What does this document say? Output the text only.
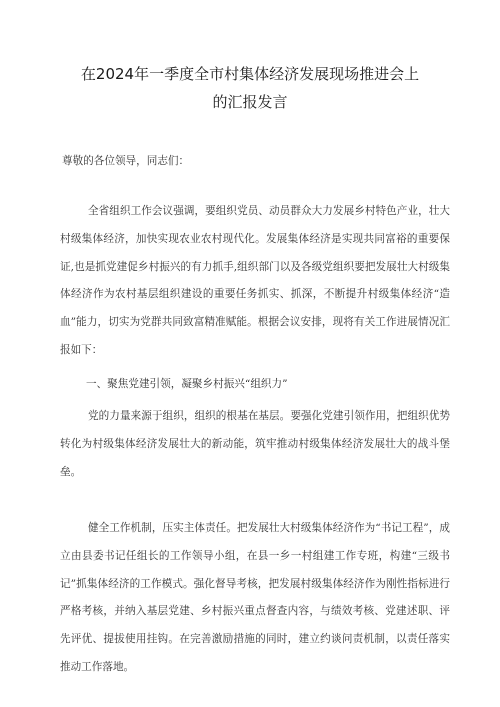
在2024年一季度全市村集体经济发展现场推进会上
的汇报发言
尊敬的各位领导，同志们：
全省组织工作会议强调，要组织党员、动员群众大力发展乡村特色产业，壮大村级集体经济，加快实现农业农村现代化。发展集体经济是实现共同富裕的重要保证,也是抓党建促乡村振兴的有力抓手,组织部门以及各级党组织要把发展壮大村级集体经济作为农村基层组织建设的重要任务抓实、抓深，不断提升村级集体经济“造血”能力，切实为党群共同致富精准赋能。根据会议安排，现将有关工作进展情况汇报如下：
一、聚焦党建引领，凝聚乡村振兴“组织力”
党的力量来源于组织，组织的根基在基层。要强化党建引领作用，把组织优势转化为村级集体经济发展壮大的新动能，筑牢推动村级集体经济发展壮大的战斗堡垒。
健全工作机制，压实主体责任。把发展壮大村级集体经济作为“书记工程”，成立由县委书记任组长的工作领导小组，在县一乡一村组建工作专班，构建“三级书记”抓集体经济的工作模式。强化督导考核，把发展村级集体经济作为刚性指标进行严格考核，并纳入基层党建、乡村振兴重点督查内容，与绩效考核、党建述职、评先评优、提拔使用挂钩。在完善激励措施的同时，建立约谈问责机制，以责任落实推动工作落地。
